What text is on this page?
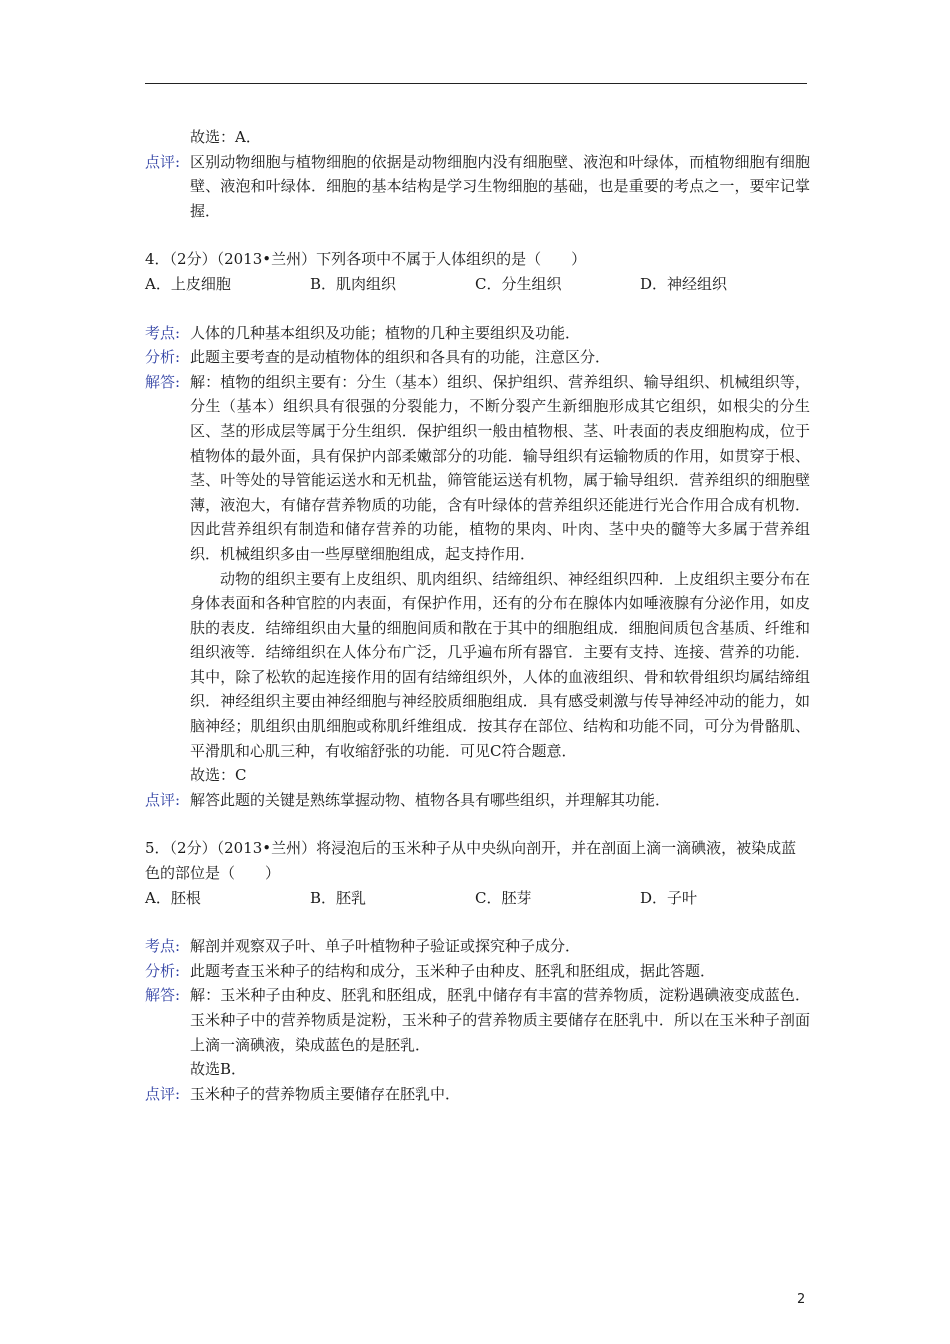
故选：A．
点评: 区别动物细胞与植物细胞的依据是动物细胞内没有细胞壁、液泡和叶绿体，而植物细胞有细胞壁、液泡和叶绿体．细胞的基本结构是学习生物细胞的基础，也是重要的考点之一，要牢记掌握．
4．（2分）（2013•兰州）下列各项中不属于人体组织的是（　　）
A．上皮细胞	B．肌肉组织	C．分生组织	D．神经组织
考点: 人体的几种基本组织及功能；植物的几种主要组织及功能．
分析: 此题主要考查的是动植物体的组织和各具有的功能，注意区分．
解答: 解：植物的组织主要有：分生（基本）组织、保护组织、营养组织、输导组织、机械组织等，分生（基本）组织具有很强的分裂能力，不断分裂产生新细胞形成其它组织，如根尖的分生区、茎的形成层等属于分生组织．保护组织一般由植物根、茎、叶表面的表皮细胞构成，位于植物体的最外面，具有保护内部柔嫩部分的功能．输导组织有运输物质的作用，如贯穿于根、茎、叶等处的导管能运送水和无机盐，筛管能运送有机物，属于输导组织．营养组织的细胞壁薄，液泡大，有储存营养物质的功能，含有叶绿体的营养组织还能进行光合作用合成有机物．因此营养组织有制造和储存营养的功能，植物的果肉、叶肉、茎中央的髓等大多属于营养组织．机械组织多由一些厚壁细胞组成，起支持作用．
动物的组织主要有上皮组织、肌肉组织、结缔组织、神经组织四种．上皮组织主要分布在身体表面和各种官腔的内表面，有保护作用，还有的分布在腺体内如唾液腺有分泌作用，如皮肤的表皮．结缔组织由大量的细胞间质和散在于其中的细胞组成．细胞间质包含基质、纤维和组织液等．结缔组织在人体分布广泛，几乎遍布所有器官．主要有支持、连接、营养的功能．其中，除了松软的起连接作用的固有结缔组织外，人体的血液组织、骨和软骨组织均属结缔组织．神经组织主要由神经细胞与神经胶质细胞组成．具有感受刺激与传导神经冲动的能力，如脑神经；肌组织由肌细胞或称肌纤维组成．按其存在部位、结构和功能不同，可分为骨骼肌、平滑肌和心肌三种，有收缩舒张的功能．可见C符合题意．
故选：C
点评: 解答此题的关键是熟练掌握动物、植物各具有哪些组织，并理解其功能．
5．（2分）（2013•兰州）将浸泡后的玉米种子从中央纵向剖开，并在剖面上滴一滴碘液，被染成蓝色的部位是（　　）
A．胚根	B．胚乳	C．胚芽	D．子叶
考点: 解剖并观察双子叶、单子叶植物种子验证或探究种子成分．
分析: 此题考查玉米种子的结构和成分，玉米种子由种皮、胚乳和胚组成，据此答题．
解答: 解：玉米种子由种皮、胚乳和胚组成，胚乳中储存有丰富的营养物质，淀粉遇碘液变成蓝色．玉米种子中的营养物质是淀粉，玉米种子的营养物质主要储存在胚乳中．所以在玉米种子剖面上滴一滴碘液，染成蓝色的是胚乳．
故选B．
点评: 玉米种子的营养物质主要储存在胚乳中．
2
